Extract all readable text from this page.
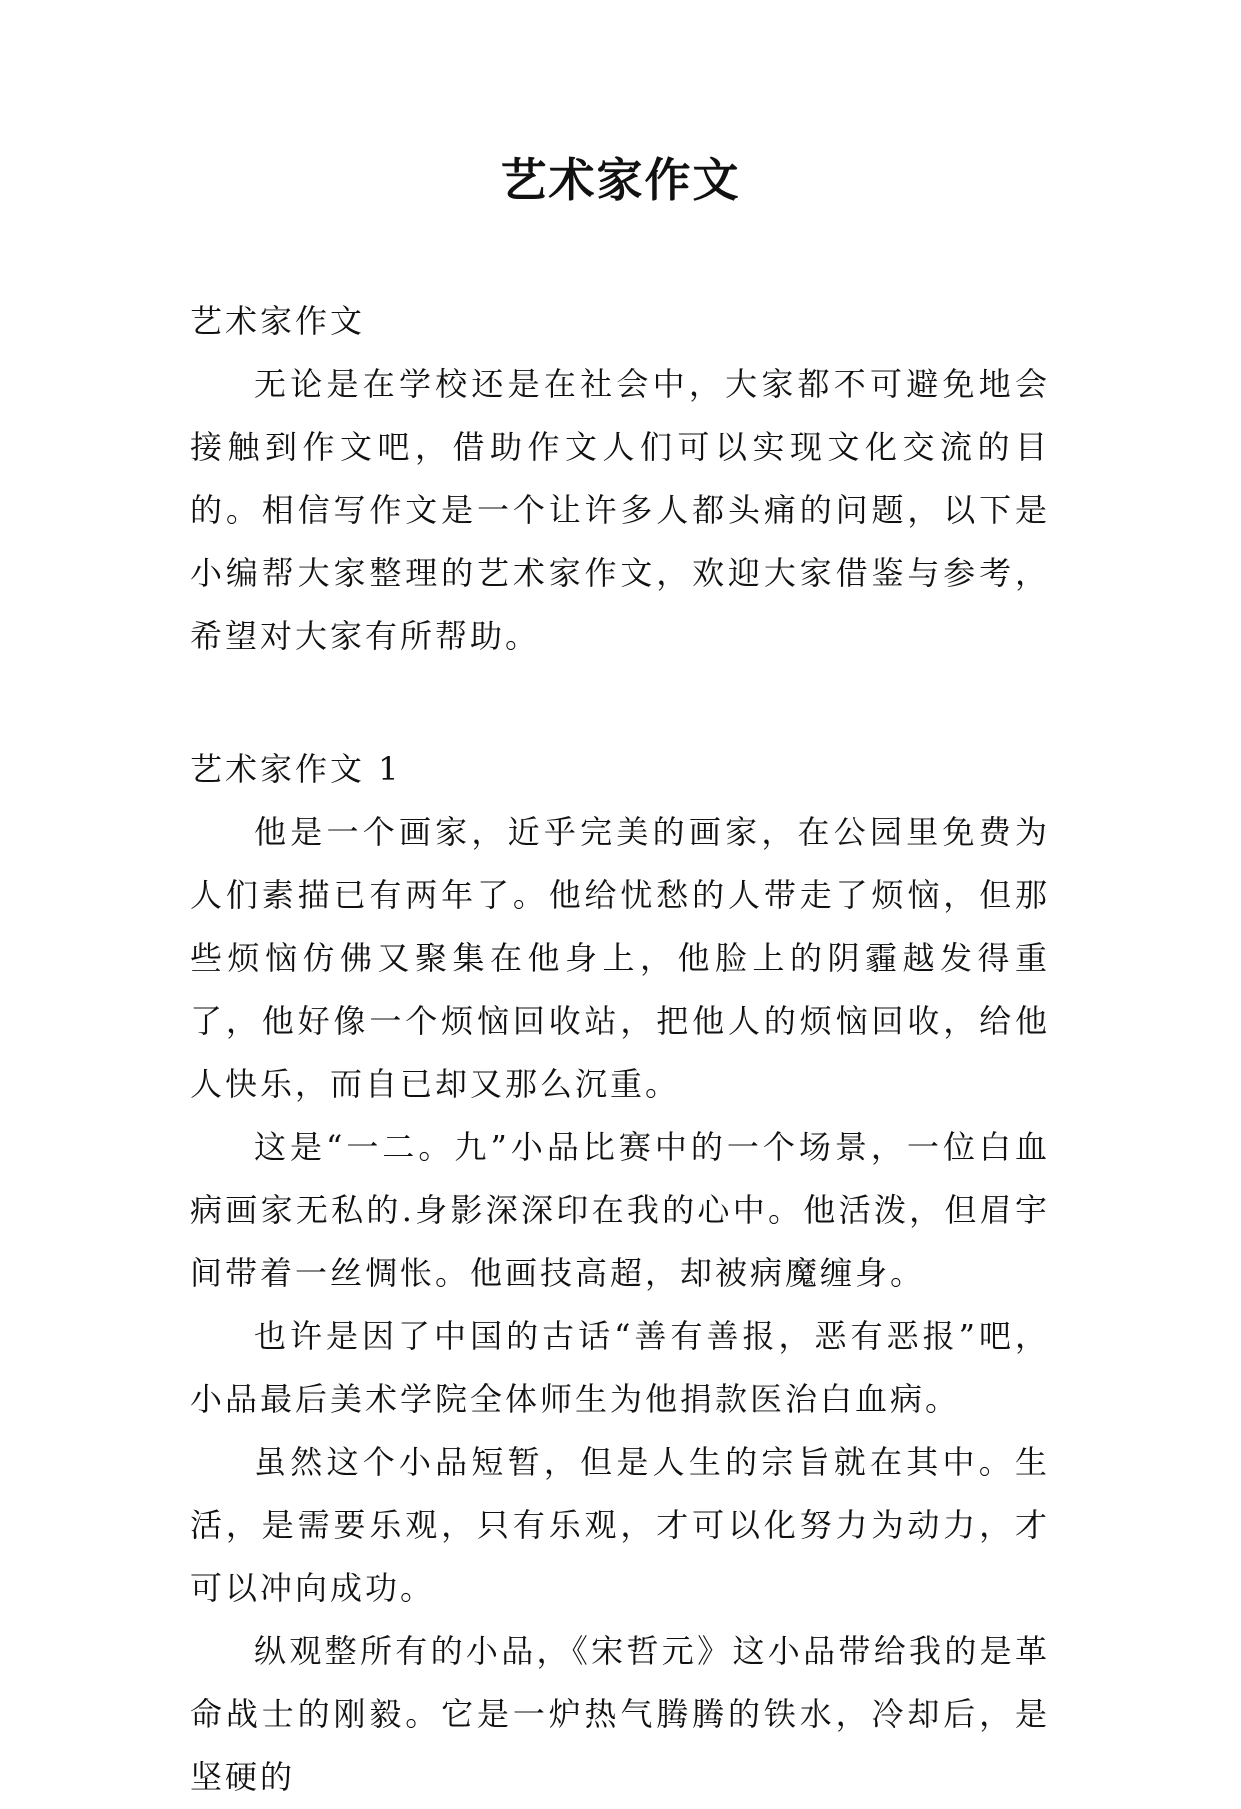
艺术家作文
艺术家作文

无论是在学校还是在社会中，大家都不可避免地会接触到作文吧，借助作文人们可以实现文化交流的目的。相信写作文是一个让许多人都头痛的问题，以下是小编帮大家整理的艺术家作文，欢迎大家借鉴与参考，希望对大家有所帮助。

艺术家作文 1

他是一个画家，近乎完美的画家，在公园里免费为人们素描已有两年了。他给忧愁的人带走了烦恼，但那些烦恼仿佛又聚集在他身上，他脸上的阴霾越发得重了，他好像一个烦恼回收站，把他人的烦恼回收，给他人快乐，而自已却又那么沉重。

这是“一二。九”小品比赛中的一个场景，一位白血病画家无私的.身影深深印在我的心中。他活泼，但眉宇间带着一丝惆怅。他画技高超，却被病魔缠身。

也许是因了中国的古话“善有善报，恶有恶报”吧，小品最后美术学院全体师生为他捐款医治白血病。

虽然这个小品短暂，但是人生的宗旨就在其中。生活，是需要乐观，只有乐观，才可以化努力为动力，才可以冲向成功。

纵观整所有的小品，《宋哲元》这小品带给我的是革命战士的刚毅。它是一炉热气腾腾的铁水，冷却后，是坚硬的
